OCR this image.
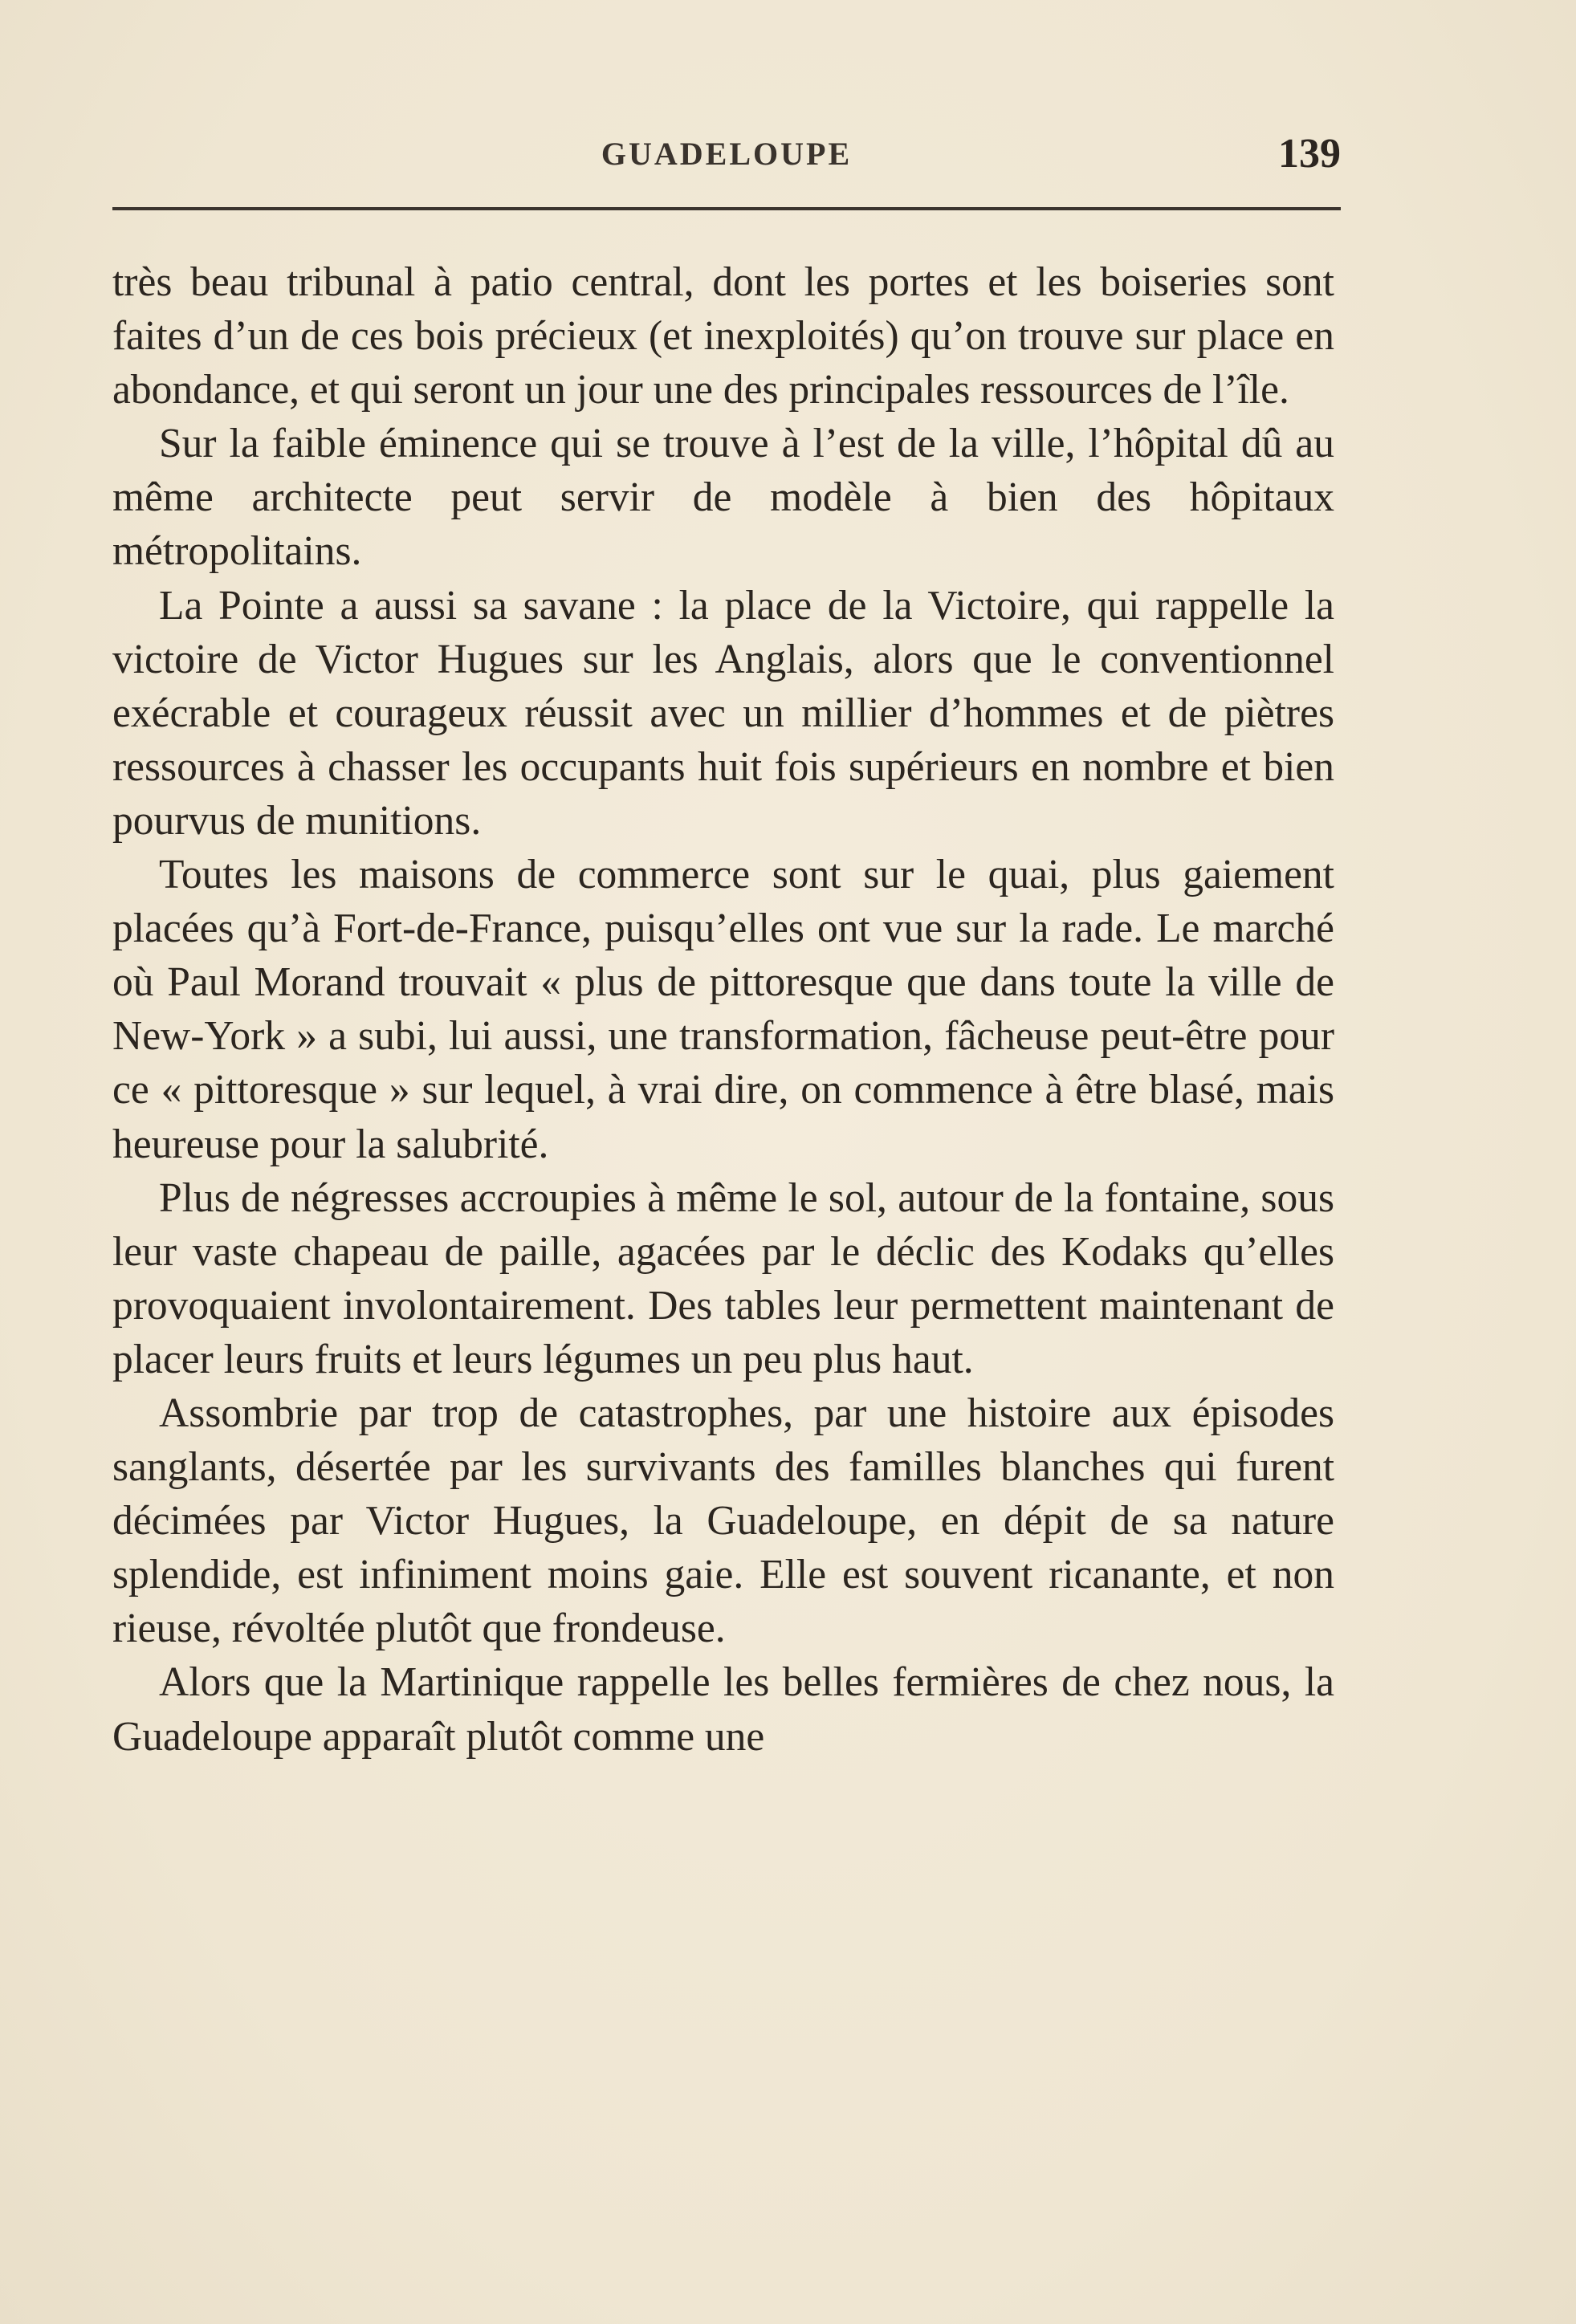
GUADELOUPE	139

très beau tribunal à patio central, dont les portes et les boiseries sont faites d’un de ces bois précieux (et inexploités) qu’on trouve sur place en abondance, et qui seront un jour une des principales ressources de l’île.

Sur la faible éminence qui se trouve à l’est de la ville, l’hôpital dû au même architecte peut servir de modèle à bien des hôpitaux métropolitains.

La Pointe a aussi sa savane : la place de la Victoire, qui rappelle la victoire de Victor Hugues sur les Anglais, alors que le conventionnel exécrable et courageux réussit avec un millier d’hommes et de piètres ressources à chasser les occupants huit fois supérieurs en nombre et bien pourvus de munitions.

Toutes les maisons de commerce sont sur le quai, plus gaiement placées qu’à Fort-de-France, puisqu’elles ont vue sur la rade. Le marché où Paul Morand trouvait « plus de pittoresque que dans toute la ville de New-York » a subi, lui aussi, une transformation, fâcheuse peut-être pour ce « pittoresque » sur lequel, à vrai dire, on commence à être blasé, mais heureuse pour la salubrité.

Plus de négresses accroupies à même le sol, autour de la fontaine, sous leur vaste chapeau de paille, agacées par le déclic des Kodaks qu’elles provoquaient involontairement. Des tables leur permettent maintenant de placer leurs fruits et leurs légumes un peu plus haut.

Assombrie par trop de catastrophes, par une histoire aux épisodes sanglants, désertée par les survivants des familles blanches qui furent décimées par Victor Hugues, la Guadeloupe, en dépit de sa nature splendide, est infiniment moins gaie. Elle est souvent ricanante, et non rieuse, révoltée plutôt que frondeuse.

Alors que la Martinique rappelle les belles fermières de chez nous, la Guadeloupe apparaît plutôt comme une
